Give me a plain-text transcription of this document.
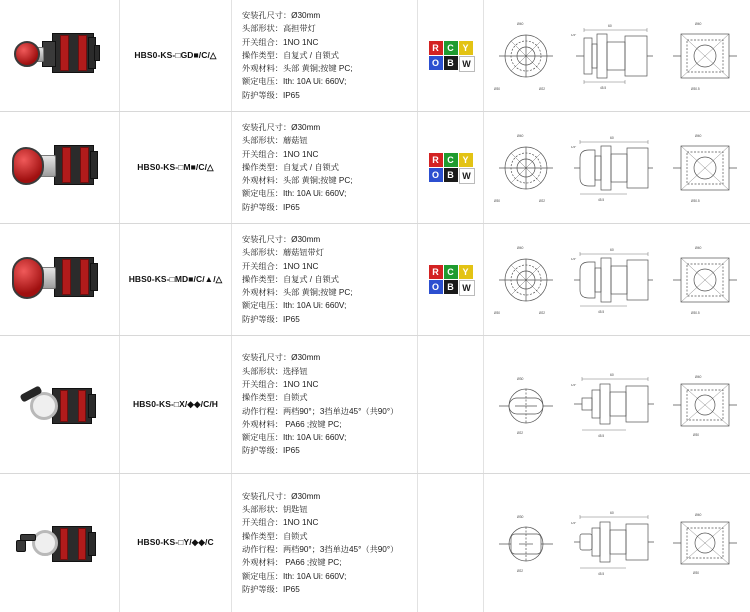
HBS0-KS-□GD■/C/△
安装孔尺寸：Ø30mm
头部形状：高担带灯
开关组合：1NO 1NC
操作类型：自复式 / 自锁式
外观材料：头部 黄铜;按键 PC;
额定电压：Ith: 10A Ui: 660V;
防护等级：IP65
R C Y
O B W
Ø40
Ø30	Ø22
60
45.5
1/2"
Ø40
Ø30.5
HBS0-KS-□M■/C/△
安装孔尺寸：Ø30mm
头部形状：蘑菇钮
开关组合：1NO 1NC
操作类型：自复式 / 自锁式
外观材料：头部 黄铜;按键 PC;
额定电压：Ith: 10A Ui: 660V;
防护等级：IP65
R C Y
O B W
Ø40
Ø30	Ø22
60
45.5
1/2"
Ø40
Ø30.5
HBS0-KS-□MD■/C/▲/△
安装孔尺寸：Ø30mm
头部形状：蘑菇钮带灯
开关组合：1NO 1NC
操作类型：自复式 / 自锁式
外观材料：头部 黄铜;按键 PC;
额定电压：Ith: 10A Ui: 660V;
防护等级：IP65
R C Y
O B W
Ø40
Ø30	Ø22
60
45.5
1/2"
Ø40
Ø30.5
HBS0-KS-□X/◆◆/C/H
安装孔尺寸：Ø30mm
头部形状：选择钮
开关组合：1NO 1NC
操作类型：自锁式
动作行程：两档90°；3挡单边45°（共90°）
外观材料： PA66 ;按键 PC;
额定电压：Ith: 10A Ui: 660V;
防护等级：IP65
Ø30
Ø22
60
45.5
1/2"
Ø40
Ø30
HBS0-KS-□Y/◆◆/C
安装孔尺寸：Ø30mm
头部形状：钥匙钮
开关组合：1NO 1NC
操作类型：自锁式
动作行程：两档90°；3挡单边45°（共90°）
外观材料： PA66 ;按键 PC;
额定电压：Ith: 10A Ui: 660V;
防护等级：IP65
Ø30
Ø22
60
45.5
1/2"
Ø40
Ø30
